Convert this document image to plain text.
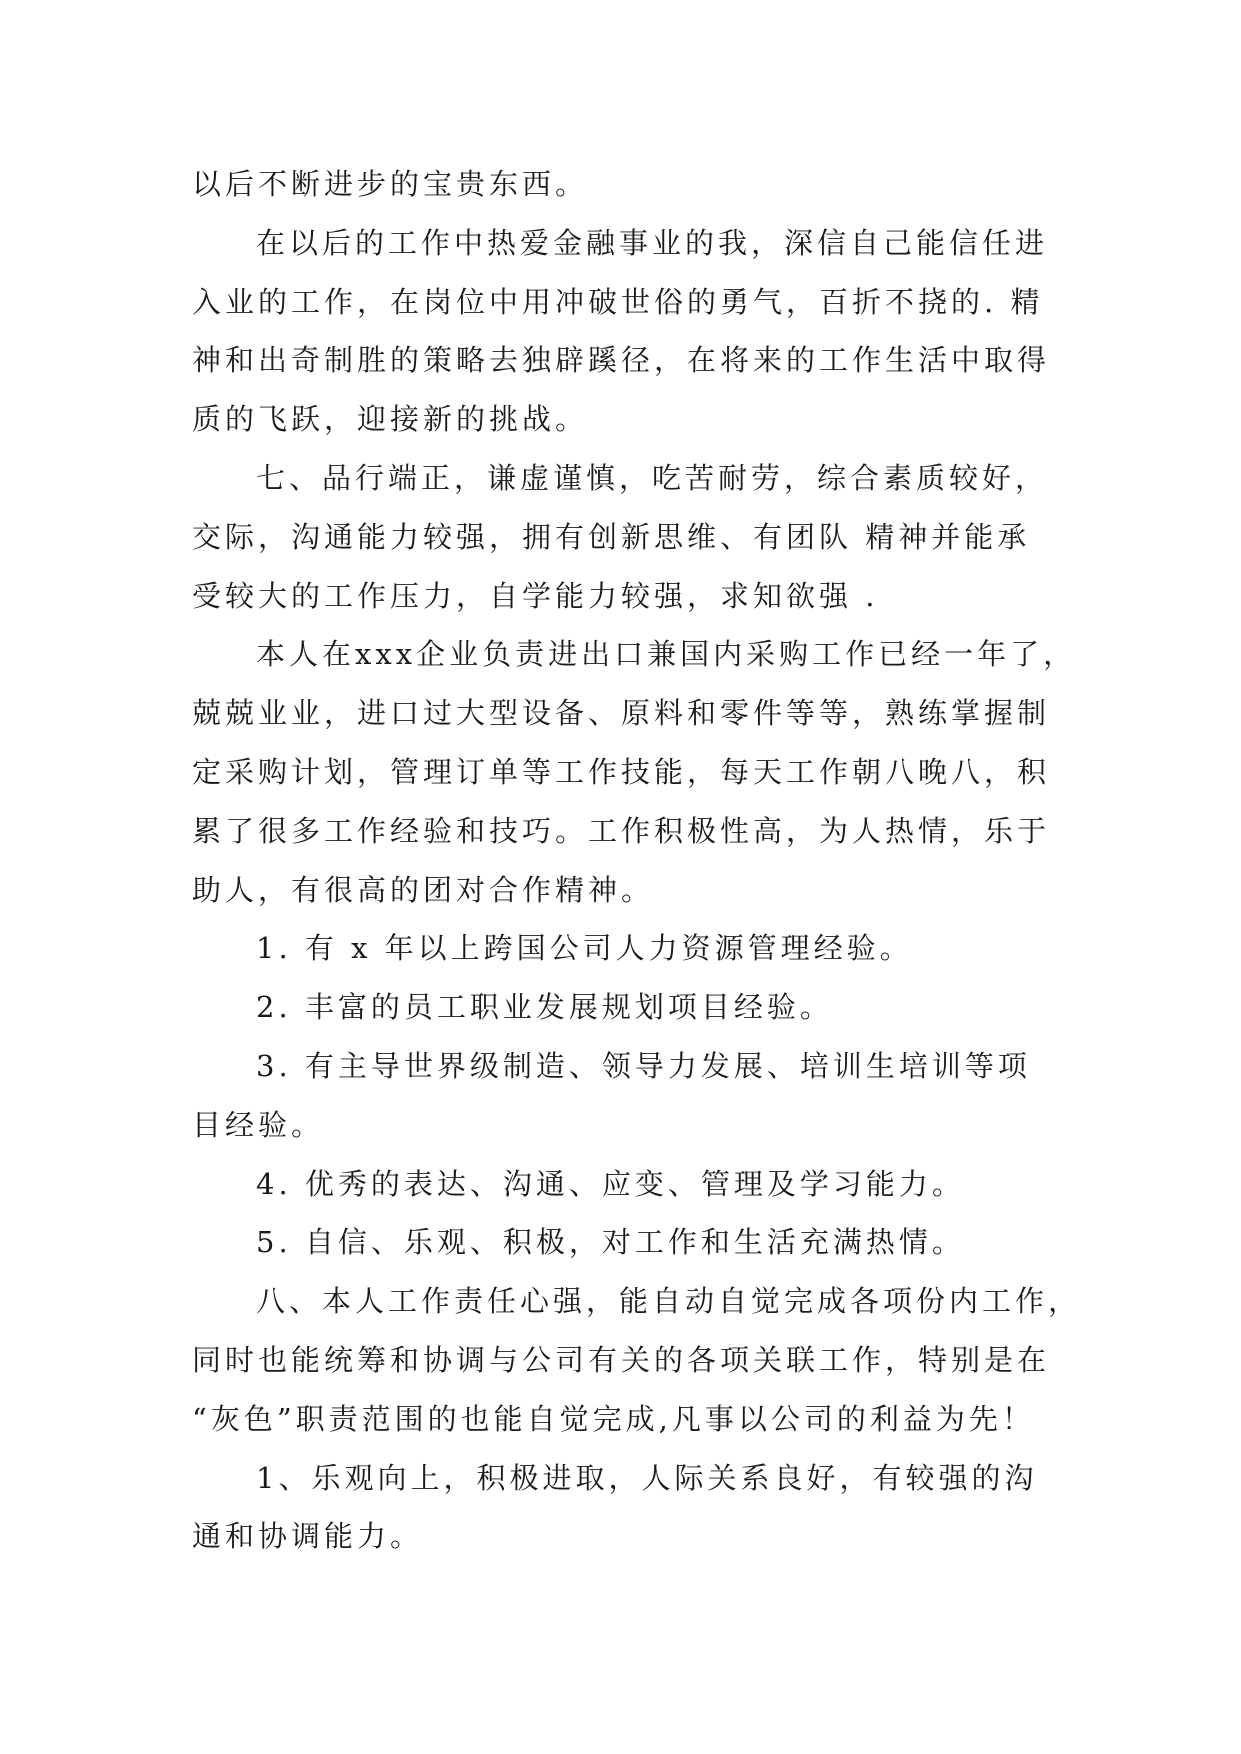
以后不断进步的宝贵东西。
在以后的工作中热爱金融事业的我，深信自己能信任进
入业的工作，在岗位中用冲破世俗的勇气，百折不挠的. 精
神和出奇制胜的策略去独辟蹊径，在将来的工作生活中取得
质的飞跃，迎接新的挑战。
七、品行端正，谦虚谨慎，吃苦耐劳，综合素质较好，
交际，沟通能力较强，拥有创新思维、有团队 精神并能承
受较大的工作压力，自学能力较强，求知欲强 .
本人在xxx企业负责进出口兼国内采购工作已经一年了，
兢兢业业，进口过大型设备、原料和零件等等，熟练掌握制
定采购计划，管理订单等工作技能，每天工作朝八晚八，积
累了很多工作经验和技巧。工作积极性高，为人热情，乐于
助人，有很高的团对合作精神。
1. 有 x 年以上跨国公司人力资源管理经验。
2. 丰富的员工职业发展规划项目经验。
3. 有主导世界级制造、领导力发展、培训生培训等项
目经验。
4. 优秀的表达、沟通、应变、管理及学习能力。
5. 自信、乐观、积极，对工作和生活充满热情。
八、本人工作责任心强，能自动自觉完成各项份内工作，
同时也能统筹和协调与公司有关的各项关联工作，特别是在
“灰色”职责范围的也能自觉完成,凡事以公司的利益为先！
1、乐观向上，积极进取，人际关系良好，有较强的沟
通和协调能力。
